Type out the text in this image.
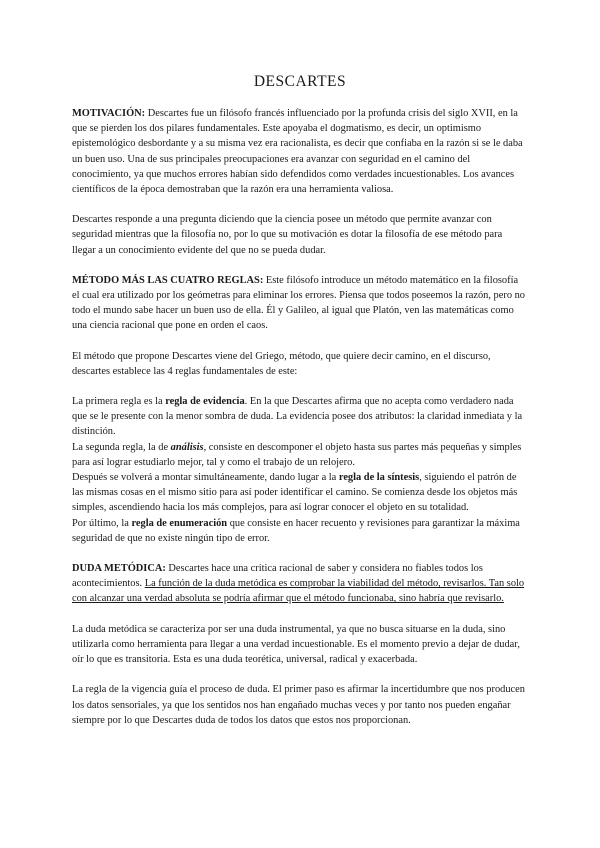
DESCARTES

MOTIVACIÓN: Descartes fue un filósofo francés influenciado por la profunda crisis del siglo XVII, en la que se pierden los dos pilares fundamentales. Este apoyaba el dogmatismo, es decir, un optimismo epistemológico desbordante y a su misma vez era racionalista, es decir que confiaba en la razón si se le daba un buen uso. Una de sus principales preocupaciones era avanzar con seguridad en el camino del conocimiento, ya que muchos errores habían sido defendidos como verdades incuestionables. Los avances científicos de la época demostraban que la razón era una herramienta valiosa.

Descartes responde a una pregunta diciendo que la ciencia posee un método que permite avanzar con seguridad mientras que la filosofía no, por lo que su motivación es dotar la filosofía de ese método para llegar a un conocimiento evidente del que no se pueda dudar.

MÉTODO MÁS LAS CUATRO REGLAS: Este filósofo introduce un método matemático en la filosofía el cual era utilizado por los geómetras para eliminar los errores. Piensa que todos poseemos la razón, pero no todo el mundo sabe hacer un buen uso de ella. Él y Galileo, al igual que Platón, ven las matemáticas como una ciencia racional que pone en orden el caos.

El método que propone Descartes viene del Griego, método, que quiere decir camino, en el discurso, descartes establece las 4 reglas fundamentales de este:

La primera regla es la regla de evidencia. En la que Descartes afirma que no acepta como verdadero nada que se le presente con la menor sombra de duda. La evidencia posee dos atributos: la claridad inmediata y la distinción.

La segunda regla, la de análisis, consiste en descomponer el objeto hasta sus partes más pequeñas y simples para así lograr estudiarlo mejor, tal y como el trabajo de un relojero.

Después se volverá a montar simultáneamente, dando lugar a la regla de la síntesis, siguiendo el patrón de las mismas cosas en el mismo sitio para así poder identificar el camino. Se comienza desde los objetos más simples, ascendiendo hacia los más complejos, para así lograr conocer el objeto en su totalidad.

Por último, la regla de enumeración que consiste en hacer recuento y revisiones para garantizar la máxima seguridad de que no existe ningún tipo de error.

DUDA METÓDICA: Descartes hace una crítica racional de saber y considera no fiables todos los acontecimientos. La función de la duda metódica es comprobar la viabilidad del método, revisarlos. Tan solo con alcanzar una verdad absoluta se podría afirmar que el método funcionaba, sino habría que revisarlo.

La duda metódica se caracteriza por ser una duda instrumental, ya que no busca situarse en la duda, sino utilizarla como herramienta para llegar a una verdad incuestionable. Es el momento previo a dejar de dudar, oír lo que es transitoria. Esta es una duda teorética, universal, radical y exacerbada.

La regla de la vigencia guía el proceso de duda. El primer paso es afirmar la incertidumbre que nos producen los datos sensoriales, ya que los sentidos nos han engañado muchas veces y por tanto nos pueden engañar siempre por lo que Descartes duda de todos los datos que estos nos proporcionan.
